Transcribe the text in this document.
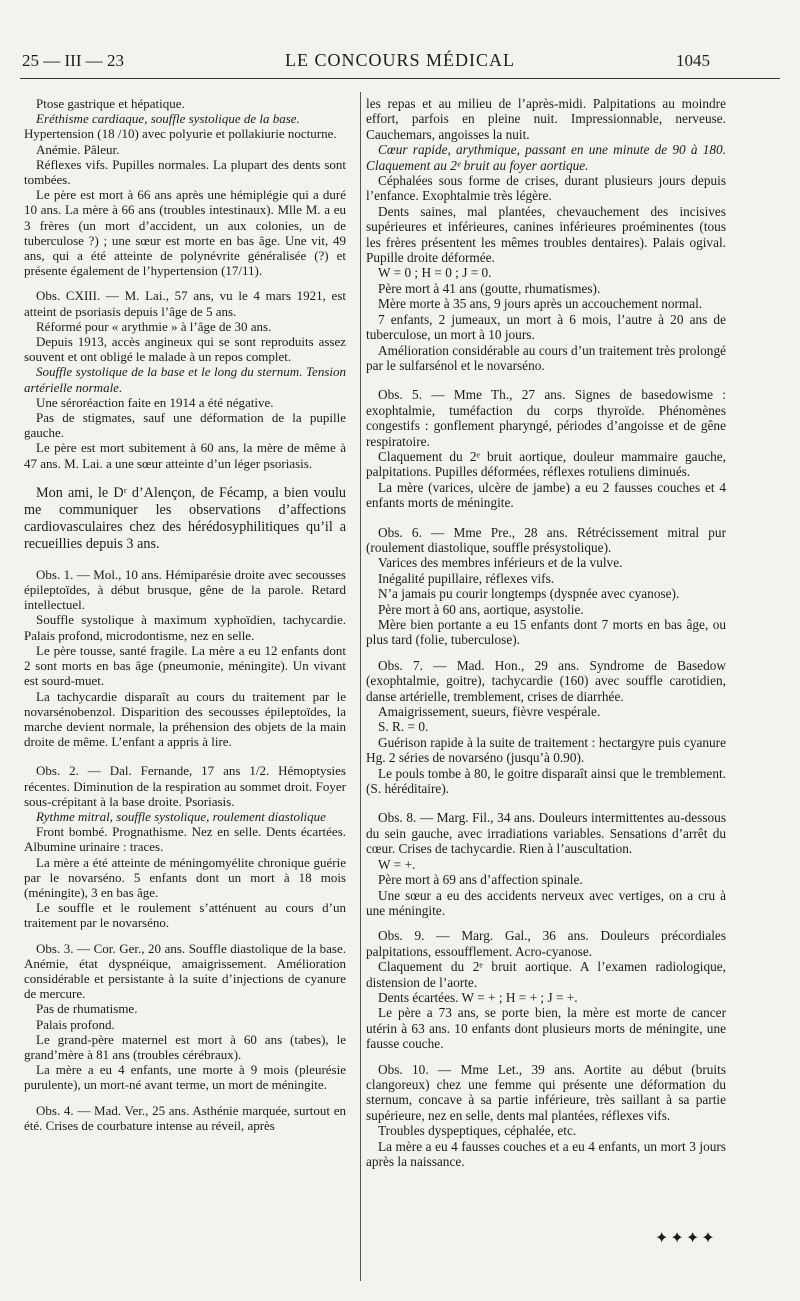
25 — III — 23	LE CONCOURS MÉDICAL	1045

Ptose gastrique et hépatique.

Eréthisme cardiaque, souffle systolique de la base.

Hypertension (18 /10) avec polyurie et pollakiurie nocturne.

Anémie. Pâleur.

Réflexes vifs. Pupilles normales. La plupart des dents sont tombées.

Le père est mort à 66 ans après une hémiplégie qui a duré 10 ans. La mère à 66 ans (troubles intestinaux). Mlle M. a eu 3 frères (un mort d’accident, un aux colonies, un de tuberculose ?) ; une sœur est morte en bas âge. Une vit, 49 ans, qui a été atteinte de polynévrite généralisée (?) et présente également de l’hypertension (17/11).

Obs. CXIII. — M. Lai., 57 ans, vu le 4 mars 1921, est atteint de psoriasis depuis l’âge de 5 ans.

Réformé pour « arythmie » à l’âge de 30 ans.

Depuis 1913, accès angineux qui se sont reproduits assez souvent et ont obligé le malade à un repos complet.

Souffle systolique de la base et le long du sternum. Tension artérielle normale.

Une séroréaction faite en 1914 a été négative.

Pas de stigmates, sauf une déformation de la pupille gauche.

Le père est mort subitement à 60 ans, la mère de même à 47 ans. M. Lai. a une sœur atteinte d’un léger psoriasis.

Mon ami, le Dʳ d’Alençon, de Fécamp, a bien voulu me communiquer les observations d’affections cardiovasculaires chez des hérédosyphilitiques qu’il a recueillies depuis 3 ans.

Obs. 1. — Mol., 10 ans. Hémiparésie droite avec secousses épileptoïdes, à début brusque, gêne de la parole. Retard intellectuel.

Souffle systolique à maximum xyphoïdien, tachycardie. Palais profond, microdontisme, nez en selle.

Le père tousse, santé fragile. La mère a eu 12 enfants dont 2 sont morts en bas âge (pneumonie, méningite). Un vivant est sourd-muet.

La tachycardie disparaît au cours du traitement par le novarsénobenzol. Disparition des secousses épileptoïdes, la marche devient normale, la préhension des objets de la main droite de même. L’enfant a appris à lire.

Obs. 2. — Dal. Fernande, 17 ans 1/2. Hémoptysies récentes. Diminution de la respiration au sommet droit. Foyer sous-crépitant à la base droite. Psoriasis.

Rythme mitral, souffle systolique, roulement diastolique

Front bombé. Prognathisme. Nez en selle. Dents écartées. Albumine urinaire : traces.

La mère a été atteinte de méningomyélite chronique guérie par le novarséno. 5 enfants dont un mort à 18 mois (méningite), 3 en bas âge.

Le souffle et le roulement s’atténuent au cours d’un traitement par le novarséno.

Obs. 3. — Cor. Ger., 20 ans. Souffle diastolique de la base. Anémie, état dyspnéique, amaigrissement. Amélioration considérable et persistante à la suite d’injections de cyanure de mercure.

Pas de rhumatisme.

Palais profond.

Le grand-père maternel est mort à 60 ans (tabes), le grand’mère à 81 ans (troubles cérébraux).

La mère a eu 4 enfants, une morte à 9 mois (pleurésie purulente), un mort-né avant terme, un mort de méningite.

Obs. 4. — Mad. Ver., 25 ans. Asthénie marquée, surtout en été. Crises de courbature intense au réveil, après

les repas et au milieu de l’après-midi. Palpitations au moindre effort, parfois en pleine nuit. Impressionnable, nerveuse. Cauchemars, angoisses la nuit.

Cœur rapide, arythmique, passant en une minute de 90 à 180. Claquement au 2ᵉ bruit au foyer aortique.

Céphalées sous forme de crises, durant plusieurs jours depuis l’enfance. Exophtalmie très légère.

Dents saines, mal plantées, chevauchement des incisives supérieures et inférieures, canines inférieures proéminentes (tous les frères présentent les mêmes troubles dentaires). Palais ogival. Pupille droite déformée.

W = 0 ; H = 0 ; J = 0.

Père mort à 41 ans (goutte, rhumatismes).

Mère morte à 35 ans, 9 jours après un accouchement normal.

7 enfants, 2 jumeaux, un mort à 6 mois, l’autre à 20 ans de tuberculose, un mort à 10 jours.

Amélioration considérable au cours d’un traitement très prolongé par le sulfarsénol et le novarséno.

Obs. 5. — Mme Th., 27 ans. Signes de basedowisme : exophtalmie, tuméfaction du corps thyroïde. Phénomènes congestifs : gonflement pharyngé, périodes d’angoisse et de gêne respiratoire.

Claquement du 2ᵉ bruit aortique, douleur mammaire gauche, palpitations. Pupilles déformées, réflexes rotuliens diminués.

La mère (varices, ulcère de jambe) a eu 2 fausses couches et 4 enfants morts de méningite.

Obs. 6. — Mme Pre., 28 ans. Rétrécissement mitral pur (roulement diastolique, souffle présystolique).

Varices des membres inférieurs et de la vulve.

Inégalité pupillaire, réflexes vifs.

N’a jamais pu courir longtemps (dyspnée avec cyanose).

Père mort à 60 ans, aortique, asystolie.

Mère bien portante a eu 15 enfants dont 7 morts en bas âge, ou plus tard (folie, tuberculose).

Obs. 7. — Mad. Hon., 29 ans. Syndrome de Basedow (exophtalmie, goitre), tachycardie (160) avec souffle carotidien, danse artérielle, tremblement, crises de diarrhée.

Amaigrissement, sueurs, fièvre vespérale.

S. R. = 0.

Guérison rapide à la suite de traitement : hectargyre puis cyanure Hg. 2 séries de novarséno (jusqu’à 0.90).

Le pouls tombe à 80, le goitre disparaît ainsi que le tremblement. (S. héréditaire).

Obs. 8. — Marg. Fil., 34 ans. Douleurs intermittentes au-dessous du sein gauche, avec irradiations variables. Sensations d’arrêt du cœur. Crises de tachycardie. Rien à l’auscultation.

W = +.

Père mort à 69 ans d’affection spinale.

Une sœur a eu des accidents nerveux avec vertiges, on a cru à une méningite.

Obs. 9. — Marg. Gal., 36 ans. Douleurs précordiales palpitations, essoufflement. Acro-cyanose.

Claquement du 2ᵉ bruit aortique. A l’examen radiologique, distension de l’aorte.

Dents écartées. W = + ; H = + ; J = +.

Le père a 73 ans, se porte bien, la mère est morte de cancer utérin à 63 ans. 10 enfants dont plusieurs morts de méningite, une fausse couche.

Obs. 10. — Mme Let., 39 ans. Aortite au début (bruits clangoreux) chez une femme qui présente une déformation du sternum, concave à sa partie inférieure, très saillant à sa partie supérieure, nez en selle, dents mal plantées, réflexes vifs.

Troubles dyspeptiques, céphalée, etc.

La mère a eu 4 fausses couches et a eu 4 enfants, un mort 3 jours après la naissance.

✦✦✦✦
